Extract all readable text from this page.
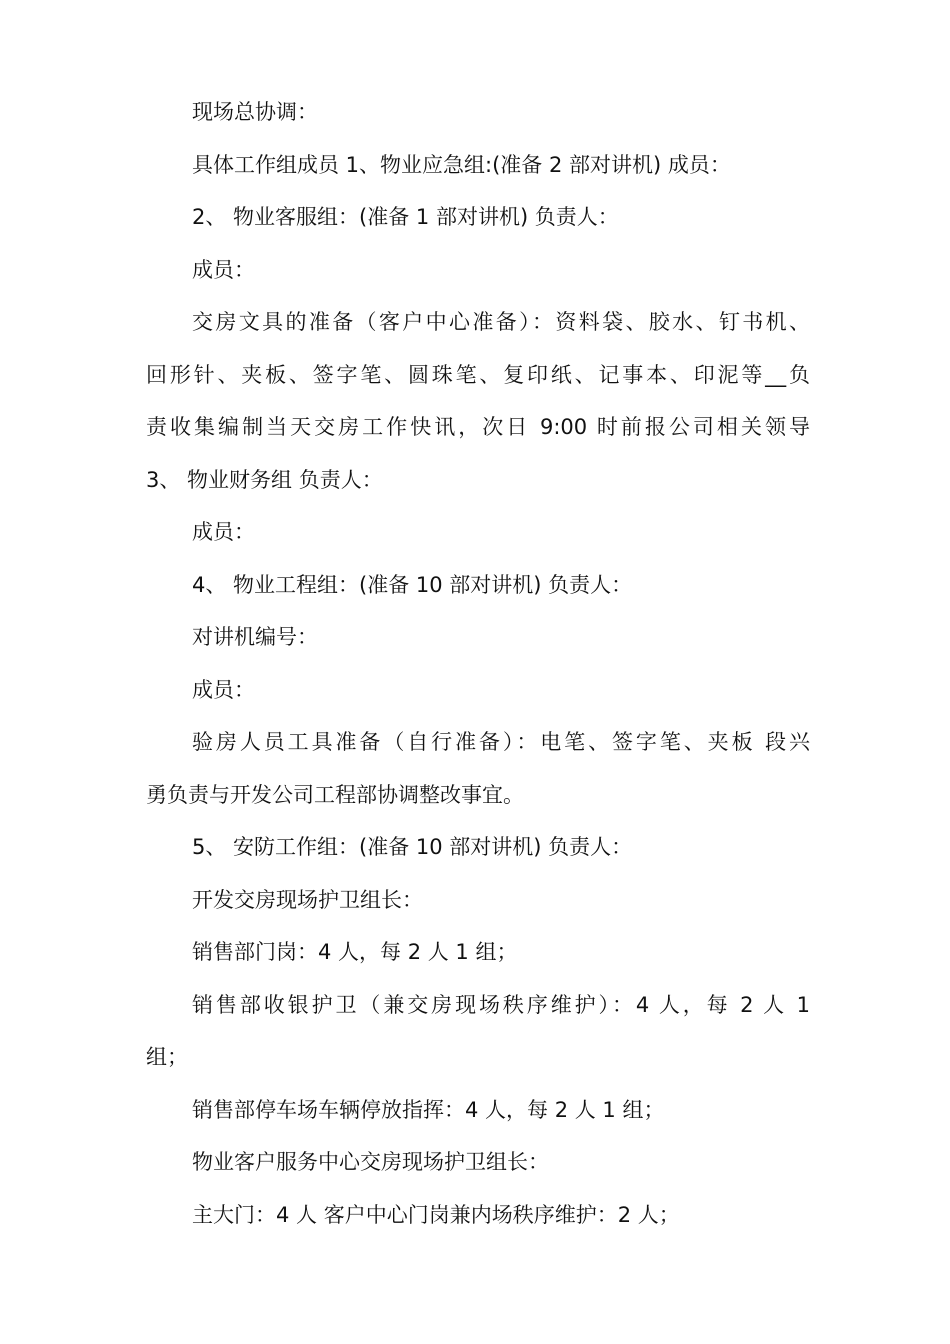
现场总协调：
具体工作组成员 1、物业应急组:(准备 2 部对讲机) 成员：
2、 物业客服组：(准备 1 部对讲机) 负责人：
成员：
交房文具的准备（客户中心准备）：资料袋、胶水、钉书机、
回形针、夹板、签字笔、圆珠笔、复印纸、记事本、印泥等__负
责收集编制当天交房工作快讯，次日 9:00 时前报公司相关领导
3、 物业财务组 负责人：
成员：
4、 物业工程组：(准备 10 部对讲机) 负责人：
对讲机编号：
成员：
验房人员工具准备（自行准备）：电笔、签字笔、夹板 段兴
勇负责与开发公司工程部协调整改事宜。
5、 安防工作组：(准备 10 部对讲机) 负责人：
开发交房现场护卫组长：
销售部门岗：4 人，每 2 人 1 组；
销售部收银护卫（兼交房现场秩序维护）：4 人，每 2 人 1
组；
销售部停车场车辆停放指挥：4 人，每 2 人 1 组；
物业客户服务中心交房现场护卫组长：
主大门：4 人 客户中心门岗兼内场秩序维护：2 人；
